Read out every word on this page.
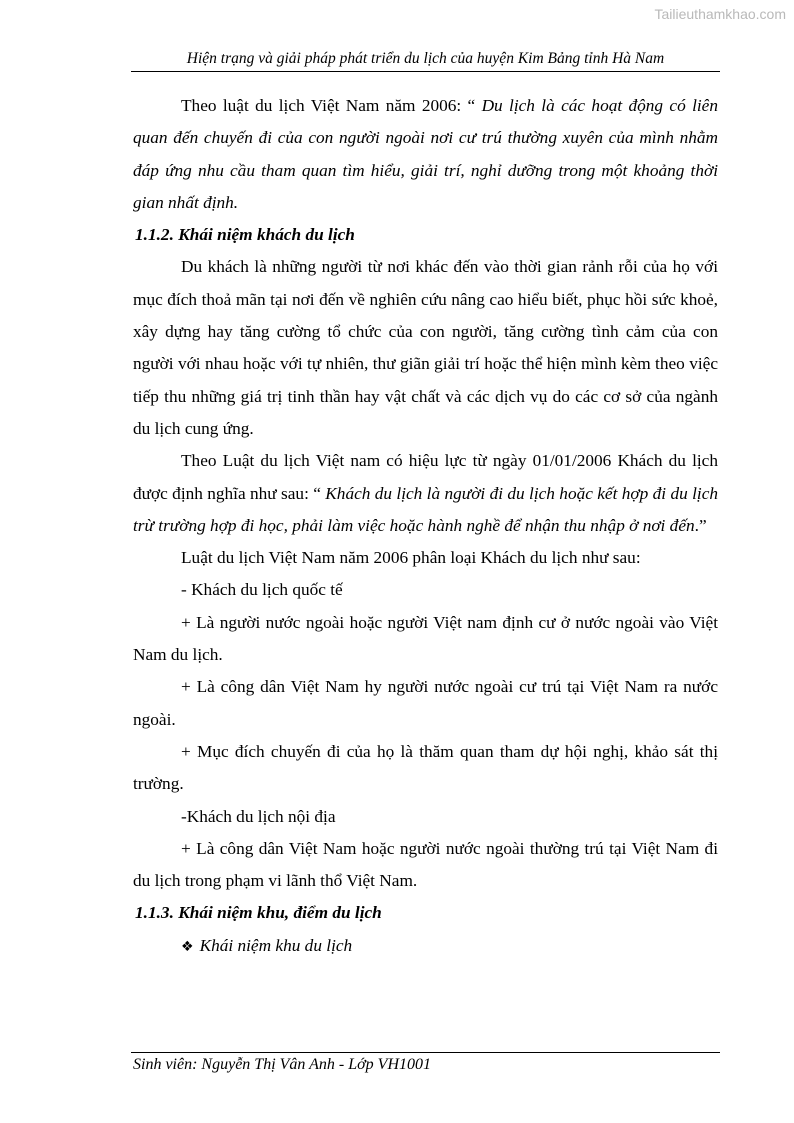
Tailieuthamkhao.com
Hiện trạng và giải pháp phát triển du lịch của huyện Kim Bảng tỉnh Hà Nam

Theo luật du lịch Việt Nam năm 2006: “ Du lịch là các hoạt động có liên quan đến chuyến đi của con người ngoài nơi cư trú thường xuyên của mình nhằm đáp ứng nhu cầu tham quan tìm hiểu, giải trí, nghỉ dưỡng trong một khoảng thời gian nhất định.

1.1.2. Khái niệm khách du lịch

Du khách là những người từ nơi khác đến vào thời gian rảnh rỗi của họ với mục đích thoả mãn tại nơi đến về nghiên cứu nâng cao hiểu biết, phục hồi sức khoẻ, xây dựng hay tăng cường tổ chức của con người, tăng cường tình cảm của con người với nhau hoặc với tự nhiên, thư giãn giải trí hoặc thể hiện mình kèm theo việc tiếp thu những giá trị tinh thần hay vật chất và các dịch vụ do các cơ sở của ngành du lịch cung ứng.

Theo Luật du lịch Việt nam có hiệu lực từ ngày 01/01/2006 Khách du lịch được định nghĩa như sau: “ Khách du lịch là người đi du lịch hoặc kết hợp đi du lịch trừ trường hợp đi học, phải làm việc hoặc hành nghề để nhận thu nhập ở nơi đến.”

Luật du lịch Việt Nam năm 2006 phân loại Khách du lịch như sau:

- Khách du lịch quốc tế

+ Là người nước ngoài hoặc người Việt nam định cư ở nước ngoài vào Việt Nam du lịch.

+ Là công dân Việt Nam hy người nước ngoài cư trú tại Việt Nam ra nước ngoài.

+ Mục đích chuyến đi của họ là thăm quan tham dự hội nghị, khảo sát thị trường.

-Khách du lịch nội địa

+ Là công dân Việt Nam hoặc người nước ngoài thường trú tại Việt Nam đi du lịch trong phạm vi lãnh thổ Việt Nam.

1.1.3. Khái niệm khu, điểm du lịch

❖ Khái niệm khu du lịch

Sinh viên: Nguyễn Thị Vân Anh - Lớp VH1001
